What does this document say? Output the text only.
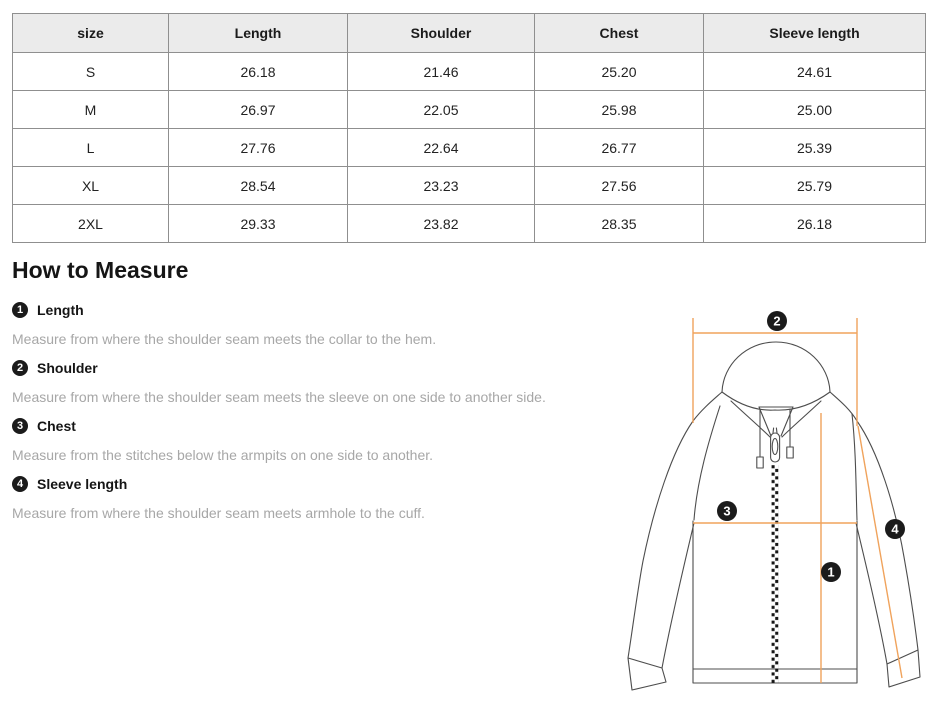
size	Length	Shoulder	Chest	Sleeve length
S	26.18	21.46	25.20	24.61
M	26.97	22.05	25.98	25.00
L	27.76	22.64	26.77	25.39
XL	28.54	23.23	27.56	25.79
2XL	29.33	23.82	28.35	26.18
How to Measure
1 Length
Measure from where the shoulder seam meets the collar to the hem.
2 Shoulder
Measure from where the shoulder seam meets the sleeve on one side to another side.
3 Chest
Measure from the stitches below the armpits on one side to another.
4 Sleeve length
Measure from where the shoulder seam meets armhole to the cuff.
2
3
1
4
